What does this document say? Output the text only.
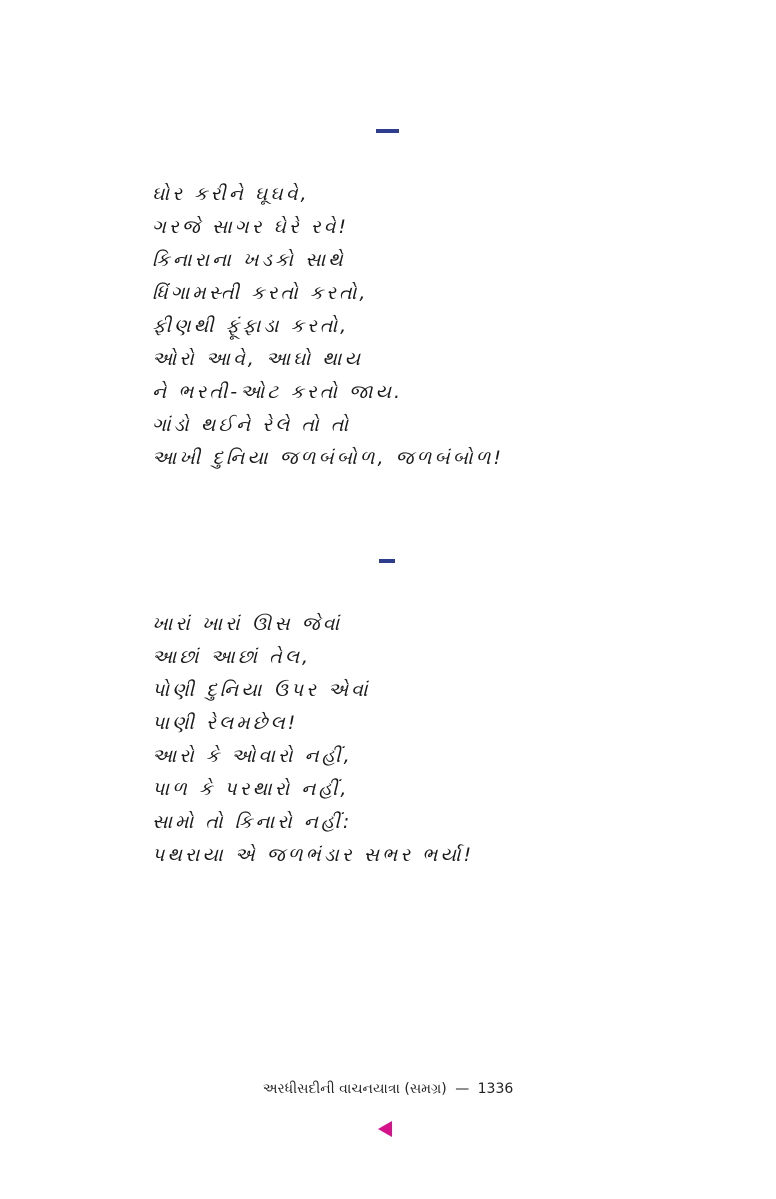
ઘોર કરીને ઘૂઘવે,
ગરજે સાગર ઘેરે રવે!
કિનારાના ખડકો સાથે
ધિંગામસ્તી કરતો કરતો,
ફીણથી ફૂંફાડા કરતો,
ઓરો આવે, આઘો થાય
ને ભરતી-ઓટ કરતો જાય.
ગાંડો થઈને રેલે તો તો
આખી દુનિયા જળબંબોળ, જળબંબોળ!
ખારાં ખારાં ઊસ જેવાં
આછાં આછાં તેલ,
પોણી દુનિયા ઉપર એવાં
પાણી રેલમછેલ!
આરો કે ઓવારો નહીં,
પાળ કે પરથારો નહીં,
સામો તો કિનારો નહીં:
પથરાયા એ જળભંડાર સભર ભર્યા!
અરધીસદીની વાચનયાત્રા (સમગ્ર) — 1336
